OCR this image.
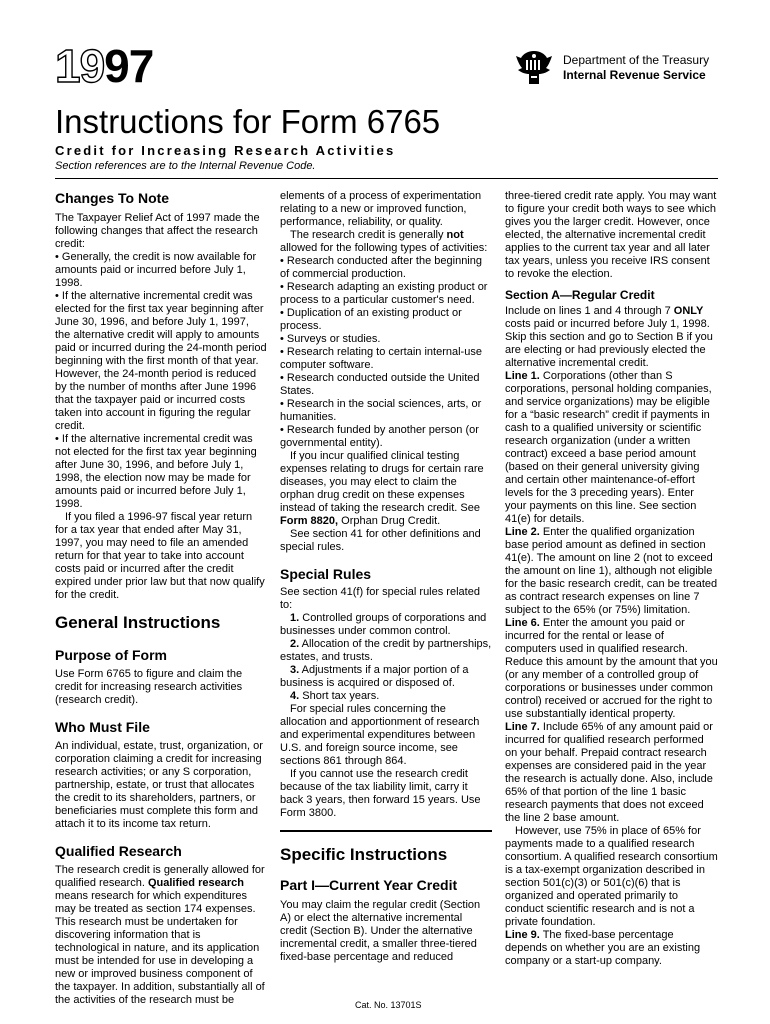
1997	Department of the Treasury
Internal Revenue Service
Instructions for Form 6765
Credit for Increasing Research Activities
Section references are to the Internal Revenue Code.

Changes To Note

The Taxpayer Relief Act of 1997 made the following changes that affect the research credit:

• Generally, the credit is now available for amounts paid or incurred before July 1, 1998.

• If the alternative incremental credit was elected for the first tax year beginning after June 30, 1996, and before July 1, 1997, the alternative credit will apply to amounts paid or incurred during the 24-month period beginning with the first month of that year. However, the 24-month period is reduced by the number of months after June 1996 that the taxpayer paid or incurred costs taken into account in figuring the regular credit.

• If the alternative incremental credit was not elected for the first tax year beginning after June 30, 1996, and before July 1, 1998, the election now may be made for amounts paid or incurred before July 1, 1998.

If you filed a 1996-97 fiscal year return for a tax year that ended after May 31, 1997, you may need to file an amended return for that year to take into account costs paid or incurred after the credit expired under prior law but that now qualify for the credit.

General Instructions

Purpose of Form

Use Form 6765 to figure and claim the credit for increasing research activities (research credit).

Who Must File

An individual, estate, trust, organization, or corporation claiming a credit for increasing research activities; or any S corporation, partnership, estate, or trust that allocates the credit to its shareholders, partners, or beneficiaries must complete this form and attach it to its income tax return.

Qualified Research

The research credit is generally allowed for qualified research. Qualified research means research for which expenditures may be treated as section 174 expenses. This research must be undertaken for discovering information that is technological in nature, and its application must be intended for use in developing a new or improved business component of the taxpayer. In addition, substantially all of the activities of the research must be

elements of a process of experimentation relating to a new or improved function, performance, reliability, or quality.

The research credit is generally not allowed for the following types of activities:

• Research conducted after the beginning of commercial production.

• Research adapting an existing product or process to a particular customer's need.

• Duplication of an existing product or process.

• Surveys or studies.

• Research relating to certain internal-use computer software.

• Research conducted outside the United States.

• Research in the social sciences, arts, or humanities.

• Research funded by another person (or governmental entity).

If you incur qualified clinical testing expenses relating to drugs for certain rare diseases, you may elect to claim the orphan drug credit on these expenses instead of taking the research credit. See Form 8820, Orphan Drug Credit.

See section 41 for other definitions and special rules.

Special Rules

See section 41(f) for special rules related to:

1. Controlled groups of corporations and businesses under common control.

2. Allocation of the credit by partnerships, estates, and trusts.

3. Adjustments if a major portion of a business is acquired or disposed of.

4. Short tax years.

For special rules concerning the allocation and apportionment of research and experimental expenditures between U.S. and foreign source income, see sections 861 through 864.

If you cannot use the research credit because of the tax liability limit, carry it back 3 years, then forward 15 years. Use Form 3800.

Specific Instructions

Part I—Current Year Credit

You may claim the regular credit (Section A) or elect the alternative incremental credit (Section B). Under the alternative incremental credit, a smaller three-tiered fixed-base percentage and reduced

three-tiered credit rate apply. You may want to figure your credit both ways to see which gives you the larger credit. However, once elected, the alternative incremental credit applies to the current tax year and all later tax years, unless you receive IRS consent to revoke the election.

Section A—Regular Credit

Include on lines 1 and 4 through 7 ONLY costs paid or incurred before July 1, 1998. Skip this section and go to Section B if you are electing or had previously elected the alternative incremental credit.

Line 1. Corporations (other than S corporations, personal holding companies, and service organizations) may be eligible for a “basic research” credit if payments in cash to a qualified university or scientific research organization (under a written contract) exceed a base period amount (based on their general university giving and certain other maintenance-of-effort levels for the 3 preceding years). Enter your payments on this line. See section 41(e) for details.

Line 2. Enter the qualified organization base period amount as defined in section 41(e). The amount on line 2 (not to exceed the amount on line 1), although not eligible for the basic research credit, can be treated as contract research expenses on line 7 subject to the 65% (or 75%) limitation.

Line 6. Enter the amount you paid or incurred for the rental or lease of computers used in qualified research. Reduce this amount by the amount that you (or any member of a controlled group of corporations or businesses under common control) received or accrued for the right to use substantially identical property.

Line 7. Include 65% of any amount paid or incurred for qualified research performed on your behalf. Prepaid contract research expenses are considered paid in the year the research is actually done. Also, include 65% of that portion of the line 1 basic research payments that does not exceed the line 2 base amount.

However, use 75% in place of 65% for payments made to a qualified research consortium. A qualified research consortium is a tax-exempt organization described in section 501(c)(3) or 501(c)(6) that is organized and operated primarily to conduct scientific research and is not a private foundation.

Line 9. The fixed-base percentage depends on whether you are an existing company or a start-up company.

Cat. No. 13701S
